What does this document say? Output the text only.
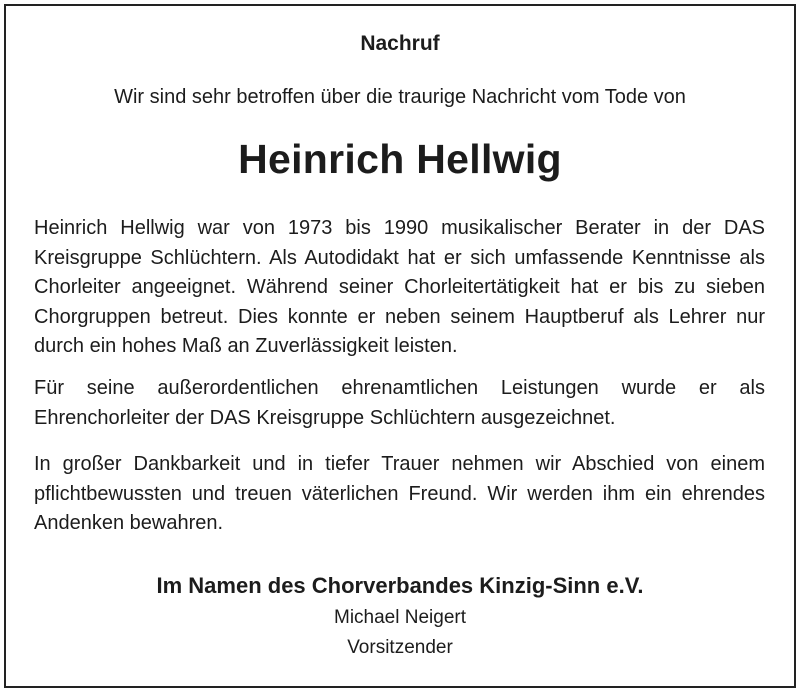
Nachruf
Wir sind sehr betroffen über die traurige Nachricht vom Tode von
Heinrich Hellwig
Heinrich Hellwig war von 1973 bis 1990 musikalischer Berater in der DAS Kreisgruppe Schlüchtern. Als Autodidakt hat er sich umfassende Kenntnisse als Chorleiter angeeignet. Während seiner Chorleitertätigkeit hat er bis zu sieben Chorgruppen betreut. Dies konnte er neben seinem Hauptberuf als Lehrer nur durch ein hohes Maß an Zuverlässigkeit leisten.
Für seine außerordentlichen ehrenamtlichen Leistungen wurde er als Ehrenchorleiter der DAS Kreisgruppe Schlüchtern ausgezeichnet.
In großer Dankbarkeit und in tiefer Trauer nehmen wir Abschied von einem pflichtbewussten und treuen väterlichen Freund. Wir werden ihm ein ehrendes Andenken bewahren.
Im Namen des Chorverbandes Kinzig-Sinn e.V.
Michael Neigert
Vorsitzender
